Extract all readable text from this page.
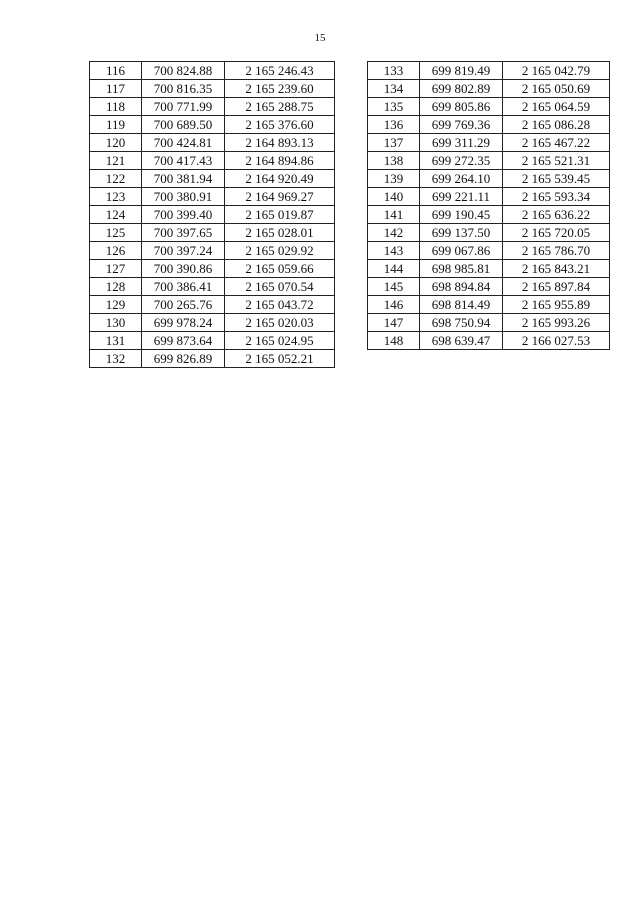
15
116	700 824.88	2 165 246.43
117	700 816.35	2 165 239.60
118	700 771.99	2 165 288.75
119	700 689.50	2 165 376.60
120	700 424.81	2 164 893.13
121	700 417.43	2 164 894.86
122	700 381.94	2 164 920.49
123	700 380.91	2 164 969.27
124	700 399.40	2 165 019.87
125	700 397.65	2 165 028.01
126	700 397.24	2 165 029.92
127	700 390.86	2 165 059.66
128	700 386.41	2 165 070.54
129	700 265.76	2 165 043.72
130	699 978.24	2 165 020.03
131	699 873.64	2 165 024.95
132	699 826.89	2 165 052.21
133	699 819.49	2 165 042.79
134	699 802.89	2 165 050.69
135	699 805.86	2 165 064.59
136	699 769.36	2 165 086.28
137	699 311.29	2 165 467.22
138	699 272.35	2 165 521.31
139	699 264.10	2 165 539.45
140	699 221.11	2 165 593.34
141	699 190.45	2 165 636.22
142	699 137.50	2 165 720.05
143	699 067.86	2 165 786.70
144	698 985.81	2 165 843.21
145	698 894.84	2 165 897.84
146	698 814.49	2 165 955.89
147	698 750.94	2 165 993.26
148	698 639.47	2 166 027.53
